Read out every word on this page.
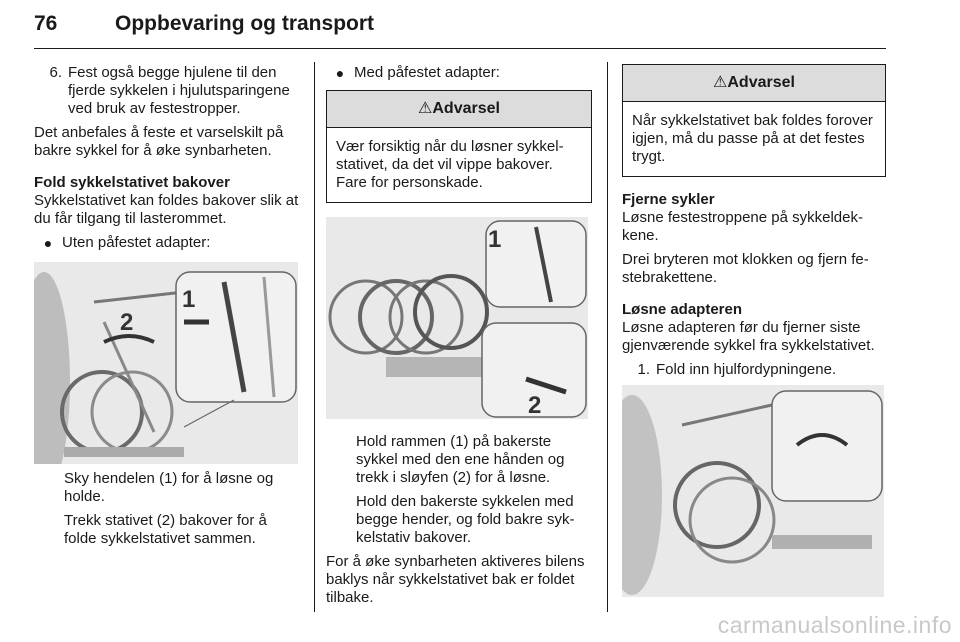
76	Oppbevaring og transport
6. Fest også begge hjulene til den fjerde sykkelen i hjulutsparingene ved bruk av festestropper.

Det anbefales å feste et varselskilt på bakre sykkel for å øke synbarheten.

Fold sykkelstativet bakover

Sykkelstativet kan foldes bakover slik at du får tilgang til lasterommet.

● Uten påfestet adapter:
1
2

Sky hendelen (1) for å løsne og holde.

Trekk stativet (2) bakover for å folde sykkelstativet sammen.

● Med påfestet adapter:
⚠Advarsel
Vær forsiktig når du løsner sykkelstativet, da det vil vippe bakover. Fare for personskade.
1
2

Hold rammen (1) på bakerste sykkel med den ene hånden og trekk i sløyfen (2) for å løsne.

Hold den bakerste sykkelen med begge hender, og fold bakre sykkelstativ bakover.

For å øke synbarheten aktiveres bilens baklys når sykkelstativet bak er foldet tilbake.

⚠Advarsel
Når sykkelstativet bak foldes forover igjen, må du passe på at det festes trygt.

Fjerne sykler

Løsne festestroppene på sykkeldekkene.

Drei bryteren mot klokken og fjern festebrakettene.

Løsne adapteren

Løsne adapteren før du fjerner siste gjenværende sykkel fra sykkelstativet.

1. Fold inn hjulfordypningene.
carmanualsonline.info
